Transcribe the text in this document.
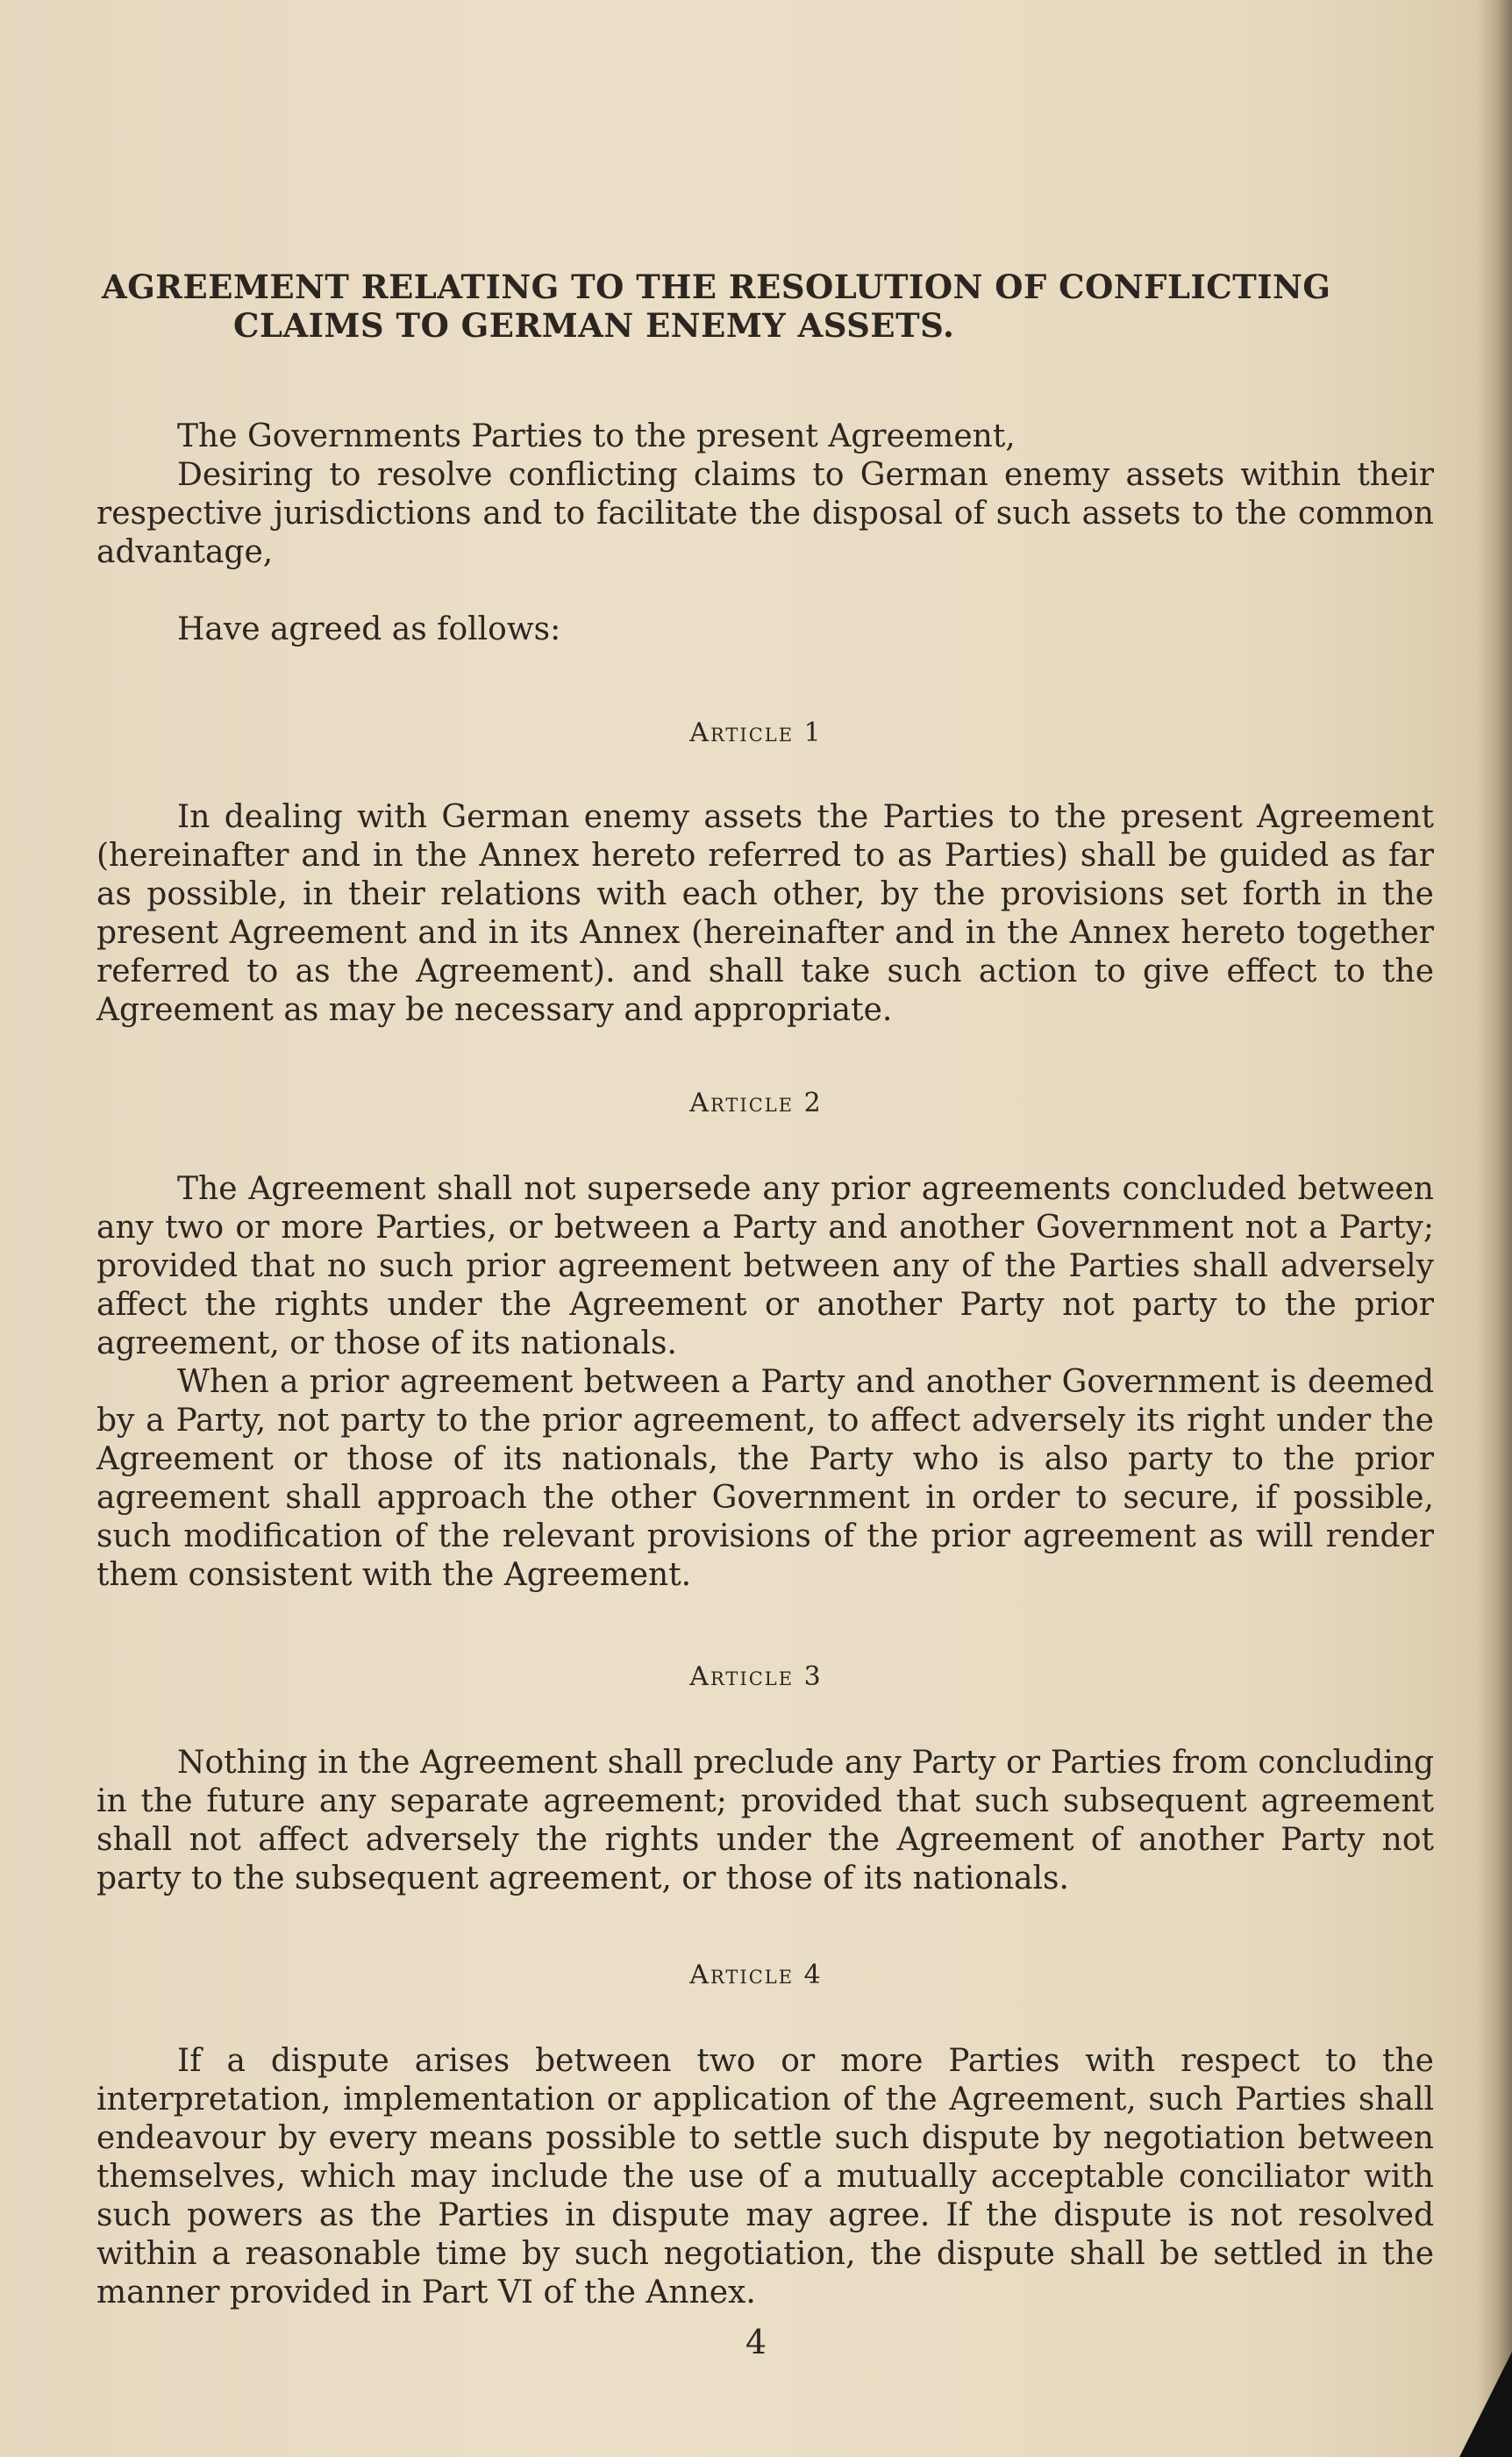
AGREEMENT RELATING TO THE RESOLUTION OF CONFLICTING
CLAIMS TO GERMAN ENEMY ASSETS.

The Governments Parties to the present Agreement,

Desiring to resolve conflicting claims to German enemy assets within their respective jurisdictions and to facilitate the disposal of such assets to the common advantage,

Have agreed as follows:

Article 1

In dealing with German enemy assets the Parties to the present Agreement (hereinafter and in the Annex hereto referred to as Parties) shall be guided as far as possible, in their relations with each other, by the provisions set forth in the present Agreement and in its Annex (hereinafter and in the Annex hereto together referred to as the Agreement). and shall take such action to give effect to the Agreement as may be necessary and appropriate.

Article 2

The Agreement shall not supersede any prior agreements concluded between any two or more Parties, or between a Party and another Government not a Party; provided that no such prior agreement between any of the Parties shall adversely affect the rights under the Agreement or another Party not party to the prior agreement, or those of its nationals.

When a prior agreement between a Party and another Government is deemed by a Party, not party to the prior agreement, to affect adversely its right under the Agreement or those of its nationals, the Party who is also party to the prior agreement shall approach the other Government in order to secure, if possible, such modification of the relevant provisions of the prior agreement as will render them consistent with the Agreement.

Article 3

Nothing in the Agreement shall preclude any Party or Parties from concluding in the future any separate agreement; provided that such subsequent agreement shall not affect adversely the rights under the Agreement of another Party not party to the subsequent agreement, or those of its nationals.

Article 4

If a dispute arises between two or more Parties with respect to the interpretation, implementation or application of the Agreement, such Parties shall endeavour by every means possible to settle such dispute by negotiation between themselves, which may include the use of a mutually acceptable conciliator with such powers as the Parties in dispute may agree. If the dispute is not resolved within a reasonable time by such negotiation, the dispute shall be settled in the manner provided in Part VI of the Annex.

4
